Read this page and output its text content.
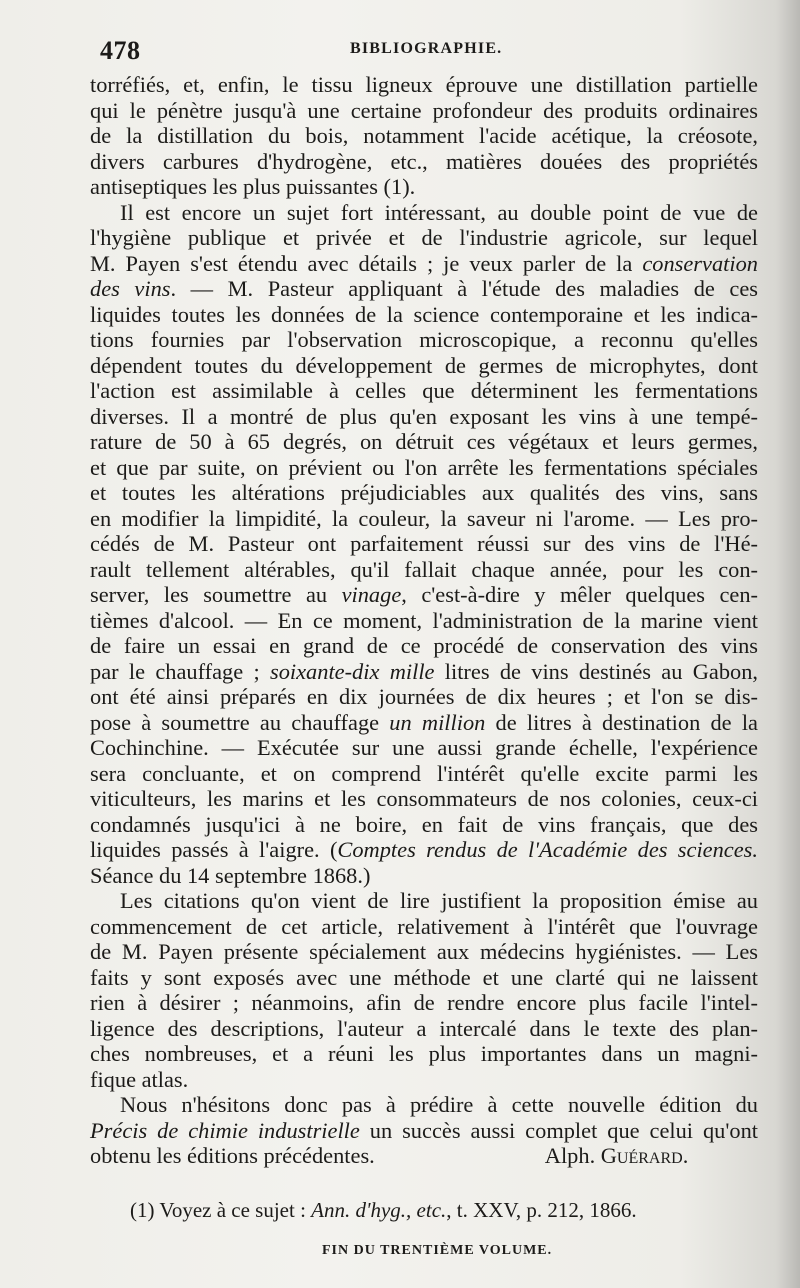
478	BIBLIOGRAPHIE.
torréfiés, et, enfin, le tissu ligneux éprouve une distillation partielle
qui le pénètre jusqu'à une certaine profondeur des produits ordinaires
de la distillation du bois, notamment l'acide acétique, la créosote,
divers carbures d'hydrogène, etc., matières douées des propriétés
antiseptiques les plus puissantes (1).
Il est encore un sujet fort intéressant, au double point de vue de
l'hygiène publique et privée et de l'industrie agricole, sur lequel
M. Payen s'est étendu avec détails ; je veux parler de la conservation
des vins. — M. Pasteur appliquant à l'étude des maladies de ces
liquides toutes les données de la science contemporaine et les indica-
tions fournies par l'observation microscopique, a reconnu qu'elles
dépendent toutes du développement de germes de microphytes, dont
l'action est assimilable à celles que déterminent les fermentations
diverses. Il a montré de plus qu'en exposant les vins à une tempé-
rature de 50 à 65 degrés, on détruit ces végétaux et leurs germes,
et que par suite, on prévient ou l'on arrête les fermentations spéciales
et toutes les altérations préjudiciables aux qualités des vins, sans
en modifier la limpidité, la couleur, la saveur ni l'arome. — Les pro-
cédés de M. Pasteur ont parfaitement réussi sur des vins de l'Hé-
rault tellement altérables, qu'il fallait chaque année, pour les con-
server, les soumettre au vinage, c'est-à-dire y mêler quelques cen-
tièmes d'alcool. — En ce moment, l'administration de la marine vient
de faire un essai en grand de ce procédé de conservation des vins
par le chauffage ; soixante-dix mille litres de vins destinés au Gabon,
ont été ainsi préparés en dix journées de dix heures ; et l'on se dis-
pose à soumettre au chauffage un million de litres à destination de la
Cochinchine. — Exécutée sur une aussi grande échelle, l'expérience
sera concluante, et on comprend l'intérêt qu'elle excite parmi les
viticulteurs, les marins et les consommateurs de nos colonies, ceux-ci
condamnés jusqu'ici à ne boire, en fait de vins français, que des
liquides passés à l'aigre. (Comptes rendus de l'Académie des sciences.
Séance du 14 septembre 1868.)
Les citations qu'on vient de lire justifient la proposition émise au
commencement de cet article, relativement à l'intérêt que l'ouvrage
de M. Payen présente spécialement aux médecins hygiénistes. — Les
faits y sont exposés avec une méthode et une clarté qui ne laissent
rien à désirer ; néanmoins, afin de rendre encore plus facile l'intel-
ligence des descriptions, l'auteur a intercalé dans le texte des plan-
ches nombreuses, et a réuni les plus importantes dans un magni-
fique atlas.
Nous n'hésitons donc pas à prédire à cette nouvelle édition du
Précis de chimie industrielle un succès aussi complet que celui qu'ont
obtenu les éditions précédentes.	Alph. Guérard.
(1) Voyez à ce sujet : Ann. d'hyg., etc., t. XXV, p. 212, 1866.
FIN DU TRENTIÈME VOLUME.
